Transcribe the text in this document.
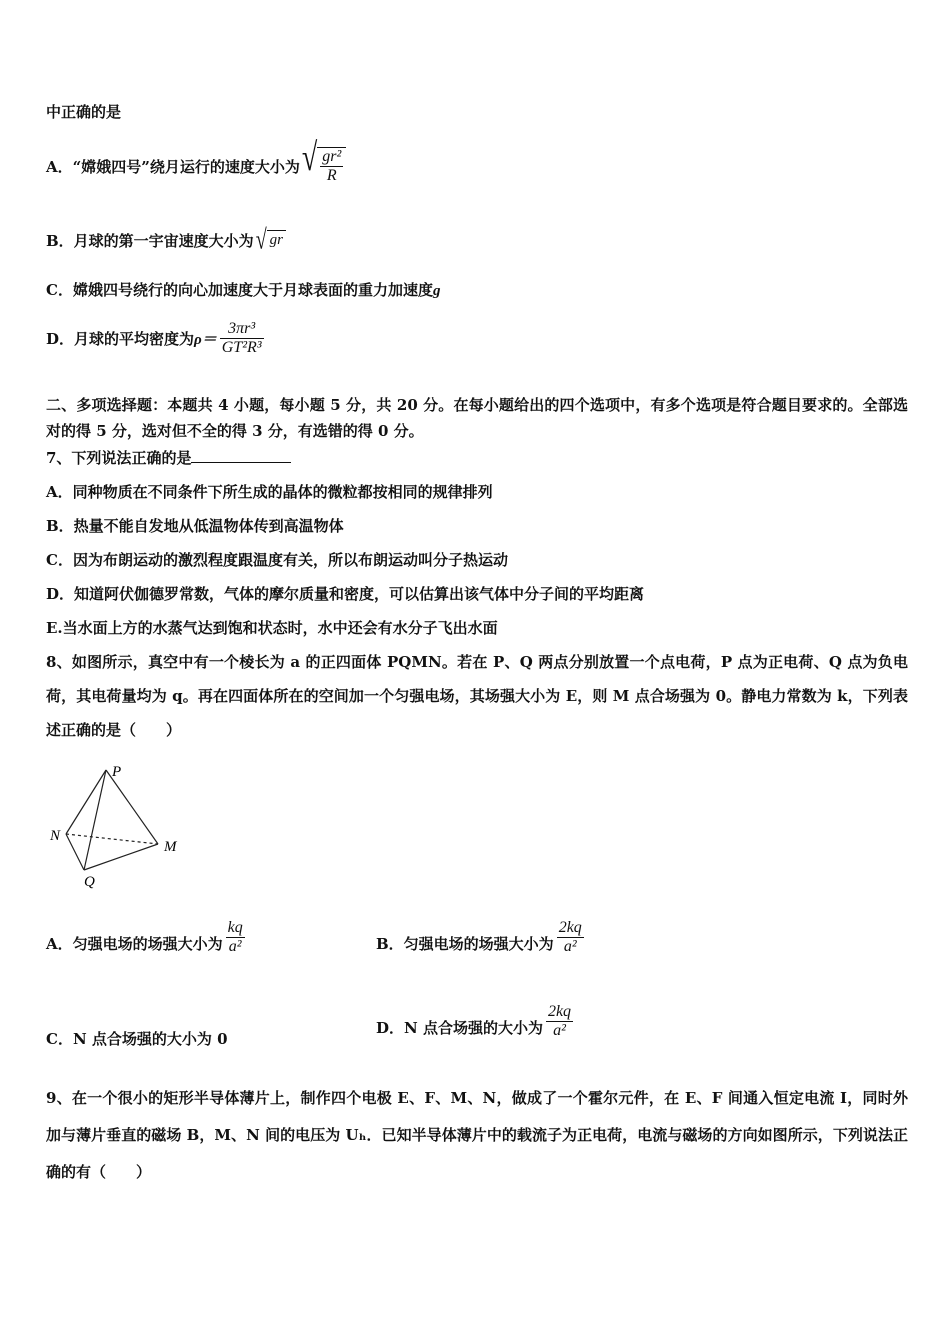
中正确的是
A．“嫦娥四号”绕月运行的速度大小为 √ $\frac{\text{gr²}}{R}$
B．月球的第一宇宙速度大小为 √ gr
C．嫦娥四号绕行的向心加速度大于月球表面的重力加速度g
D．月球的平均密度为 $\rho= \frac{\text{3πr³}}{\text{GT²R³}}$
二、多项选择题：本题共 4 小题，每小题 5 分，共 20 分。在每小题给出的四个选项中，有多个选项是符合题目要求的。全部选对的得 5 分，选对但不全的得 3 分，有选错的得 0 分。
7、下列说法正确的是
A．同种物质在不同条件下所生成的晶体的微粒都按相同的规律排列
B．热量不能自发地从低温物体传到高温物体
C．因为布朗运动的激烈程度跟温度有关，所以布朗运动叫分子热运动
D．知道阿伏伽德罗常数，气体的摩尔质量和密度，可以估算出该气体中分子间的平均距离
E.当水面上方的水蒸气达到饱和状态时，水中还会有水分子飞出水面
8、如图所示，真空中有一个棱长为 a 的正四面体 PQMN。若在 P、Q 两点分别放置一个点电荷，P 点为正电荷、Q 点为负电荷，其电荷量均为 q。再在四面体所在的空间加一个匀强电场，其场强大小为 E，则 M 点合场强为 0。静电力常数为 k，下列表述正确的是（　　）
P
N
M
Q
A．匀强电场的场强大小为 $\frac{kq}{\text{a²}}$	B．匀强电场的场强大小为 $\frac{2kq}{\text{a²}}$
C．N 点合场强的大小为 0
D．N 点合场强的大小为 $\frac{2kq}{\text{a²}}$
9、在一个很小的矩形半导体薄片上，制作四个电极 E、F、M、N，做成了一个霍尔元件，在 E、F 间通入恒定电流 I，同时外加与薄片垂直的磁场 B，M、N 间的电压为 Uₕ．已知半导体薄片中的载流子为正电荷，电流与磁场的方向如图所示，下列说法正确的有（　　）
